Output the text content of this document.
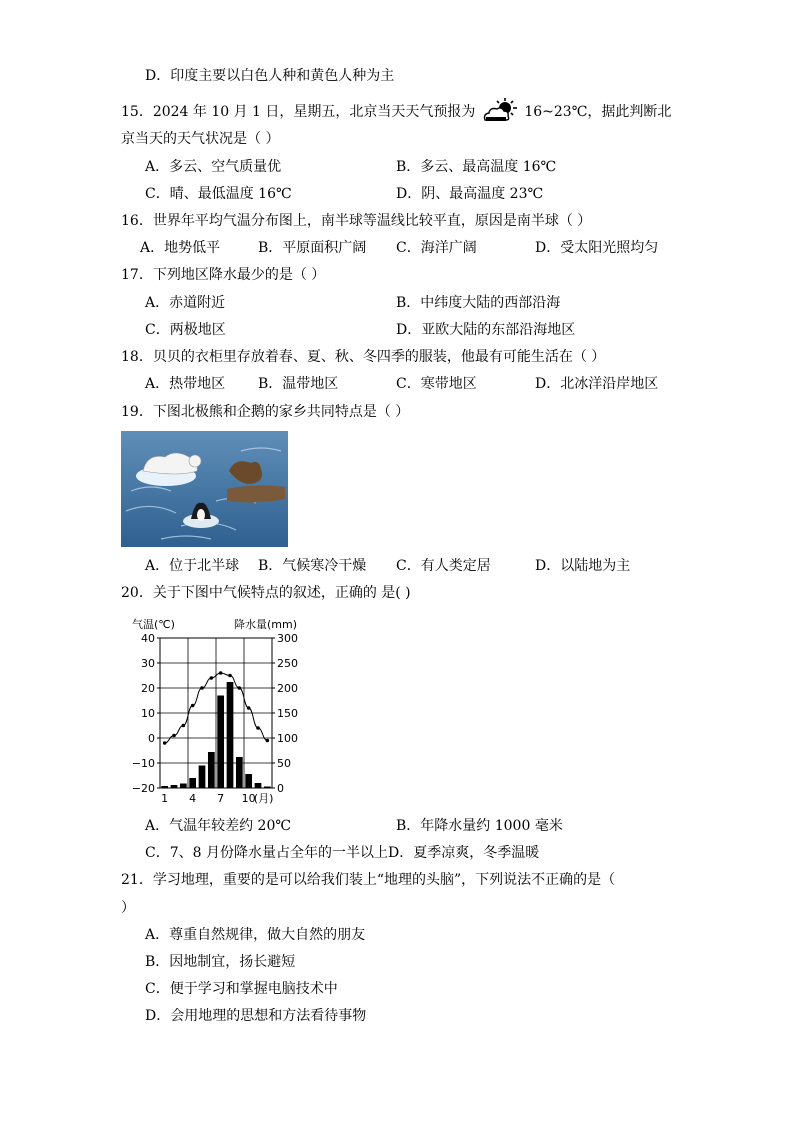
D．印度主要以白色人种和黄色人种为主
15．2024 年 10 月 1 日，星期五，北京当天天气预报为	16~23℃，据此判断北
京当天的天气状况是（ ）
A．多云、空气质量优	B．多云、最高温度 16℃
C．晴、最低温度 16℃	D．阴、最高温度 23℃
16．世界年平均气温分布图上，南半球等温线比较平直，原因是南半球（ ）
A．地势低平	B．平原面积广阔 C．海洋广阔	D．受太阳光照均匀
17．下列地区降水最少的是（ ）
A．赤道附近	B．中纬度大陆的西部沿海
C．两极地区	D．亚欧大陆的东部沿海地区
18．贝贝的衣柜里存放着春、夏、秋、冬四季的服装，他最有可能生活在（ ）
A．热带地区 B．温带地区	C．寒带地区	D．北冰洋沿岸地区
19．下图北极熊和企鹅的家乡共同特点是（ ）
A．位于北半球 B．气候寒冷干燥 C．有人类定居	D．以陆地为主
20．关于下图中气候特点的叙述，正确的 是( )
气温(℃)	降水量(mm)
40
30
20
10
0
−10
−20
300
250
200
150
100
50
0
1 4 7 10
(月)
A．气温年较差约 20℃	B．年降水量约 1000 毫米
C．7、8 月份降水量占全年的一半以上D．夏季凉爽，冬季温暖
21．学习地理，重要的是可以给我们装上“地理的头脑”，下列说法不正确的是（
）
A．尊重自然规律，做大自然的朋友
B．因地制宜，扬长避短
C．便于学习和掌握电脑技术中
D．会用地理的思想和方法看待事物
